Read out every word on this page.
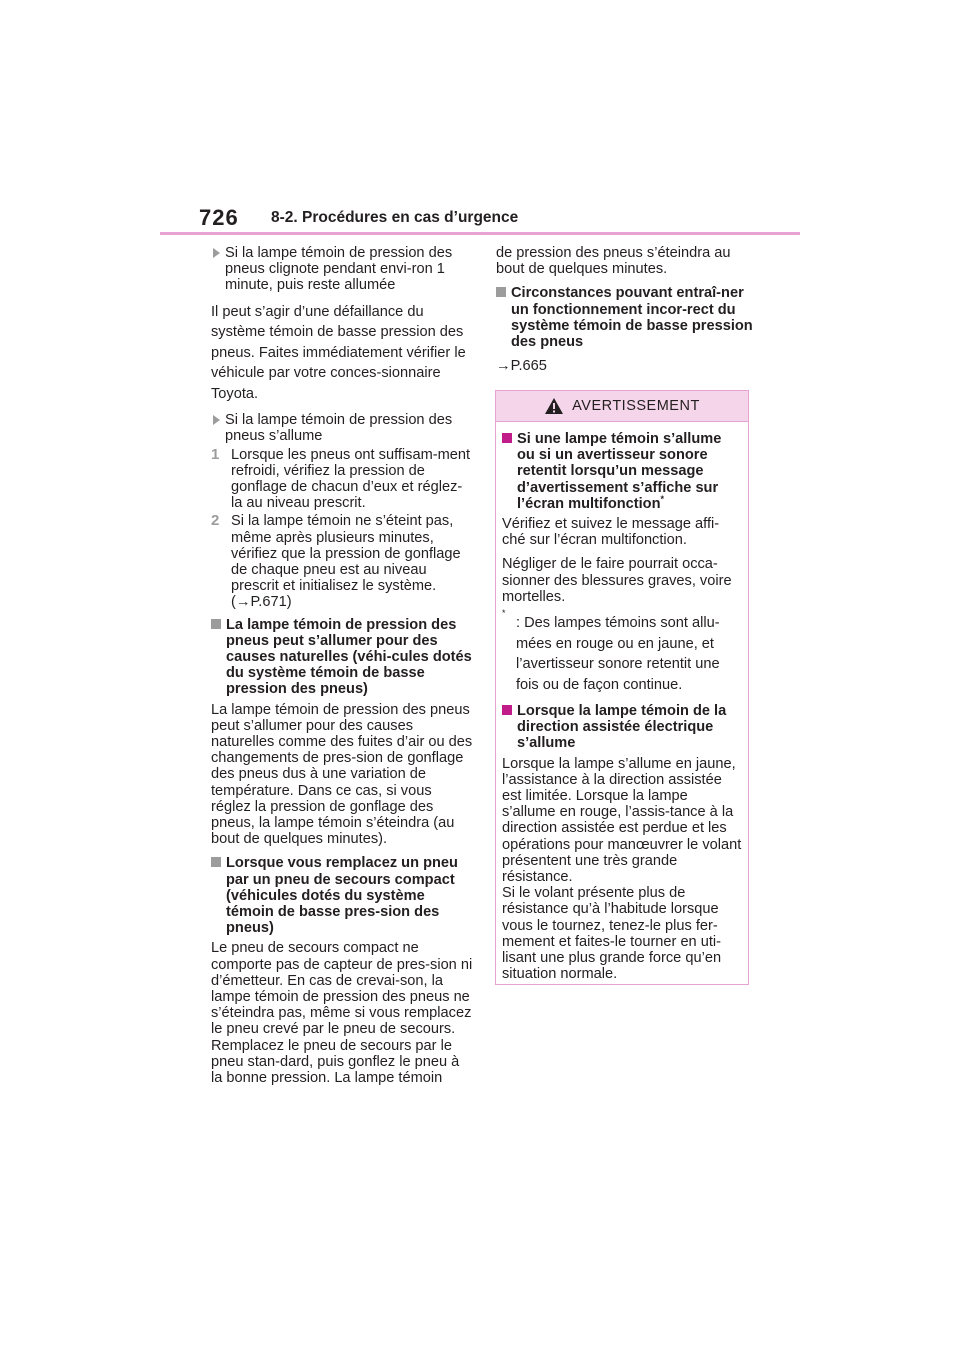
726 8-2. Procédures en cas d’urgence
Si la lampe témoin de pression des pneus clignote pendant envi-ron 1 minute, puis reste allumée
Il peut s’agir d’une défaillance du système témoin de basse pression des pneus. Faites immédiatement vérifier le véhicule par votre conces-sionnaire Toyota.
Si la lampe témoin de pression des pneus s’allume
1 Lorsque les pneus ont suffisam-ment refroidi, vérifiez la pression de gonflage de chacun d’eux et réglez-la au niveau prescrit.
2 Si la lampe témoin ne s’éteint pas, même après plusieurs minutes, vérifiez que la pression de gonflage de chaque pneu est au niveau prescrit et initialisez le système. (→P.671)
La lampe témoin de pression des pneus peut s’allumer pour des causes naturelles (véhi-cules dotés du système témoin de basse pression des pneus)
La lampe témoin de pression des pneus peut s’allumer pour des causes naturelles comme des fuites d’air ou des changements de pres-sion de gonflage des pneus dus à une variation de température. Dans ce cas, si vous réglez la pression de gonflage des pneus, la lampe témoin s’éteindra (au bout de quelques minutes).
Lorsque vous remplacez un pneu par un pneu de secours compact (véhicules dotés du système témoin de basse pres-sion des pneus)
Le pneu de secours compact ne comporte pas de capteur de pres-sion ni d’émetteur. En cas de crevai-son, la lampe témoin de pression des pneus ne s’éteindra pas, même si vous remplacez le pneu crevé par le pneu de secours. Remplacez le pneu de secours par le pneu stan-dard, puis gonflez le pneu à la bonne pression. La lampe témoin
de pression des pneus s’éteindra au bout de quelques minutes.
Circonstances pouvant entraî-ner un fonctionnement incor-rect du système témoin de basse pression des pneus
→P.665
AVERTISSEMENT
Si une lampe témoin s’allume ou si un avertisseur sonore retentit lorsqu’un message d’avertissement s’affiche sur l’écran multifonction*
Vérifiez et suivez le message affi-ché sur l’écran multifonction.
Négliger de le faire pourrait occa-sionner des blessures graves, voire mortelles.
*
: Des lampes témoins sont allu-mées en rouge ou en jaune, et l’avertisseur sonore retentit une fois ou de façon continue.
Lorsque la lampe témoin de la direction assistée électrique s’allume
Lorsque la lampe s’allume en jaune, l’assistance à la direction assistée est limitée. Lorsque la lampe s’allume en rouge, l’assis-tance à la direction assistée est perdue et les opérations pour manœuvrer le volant présentent une très grande résistance.
Si le volant présente plus de résistance qu’à l’habitude lorsque vous le tournez, tenez-le plus fer-mement et faites-le tourner en uti-lisant une plus grande force qu’en situation normale.
